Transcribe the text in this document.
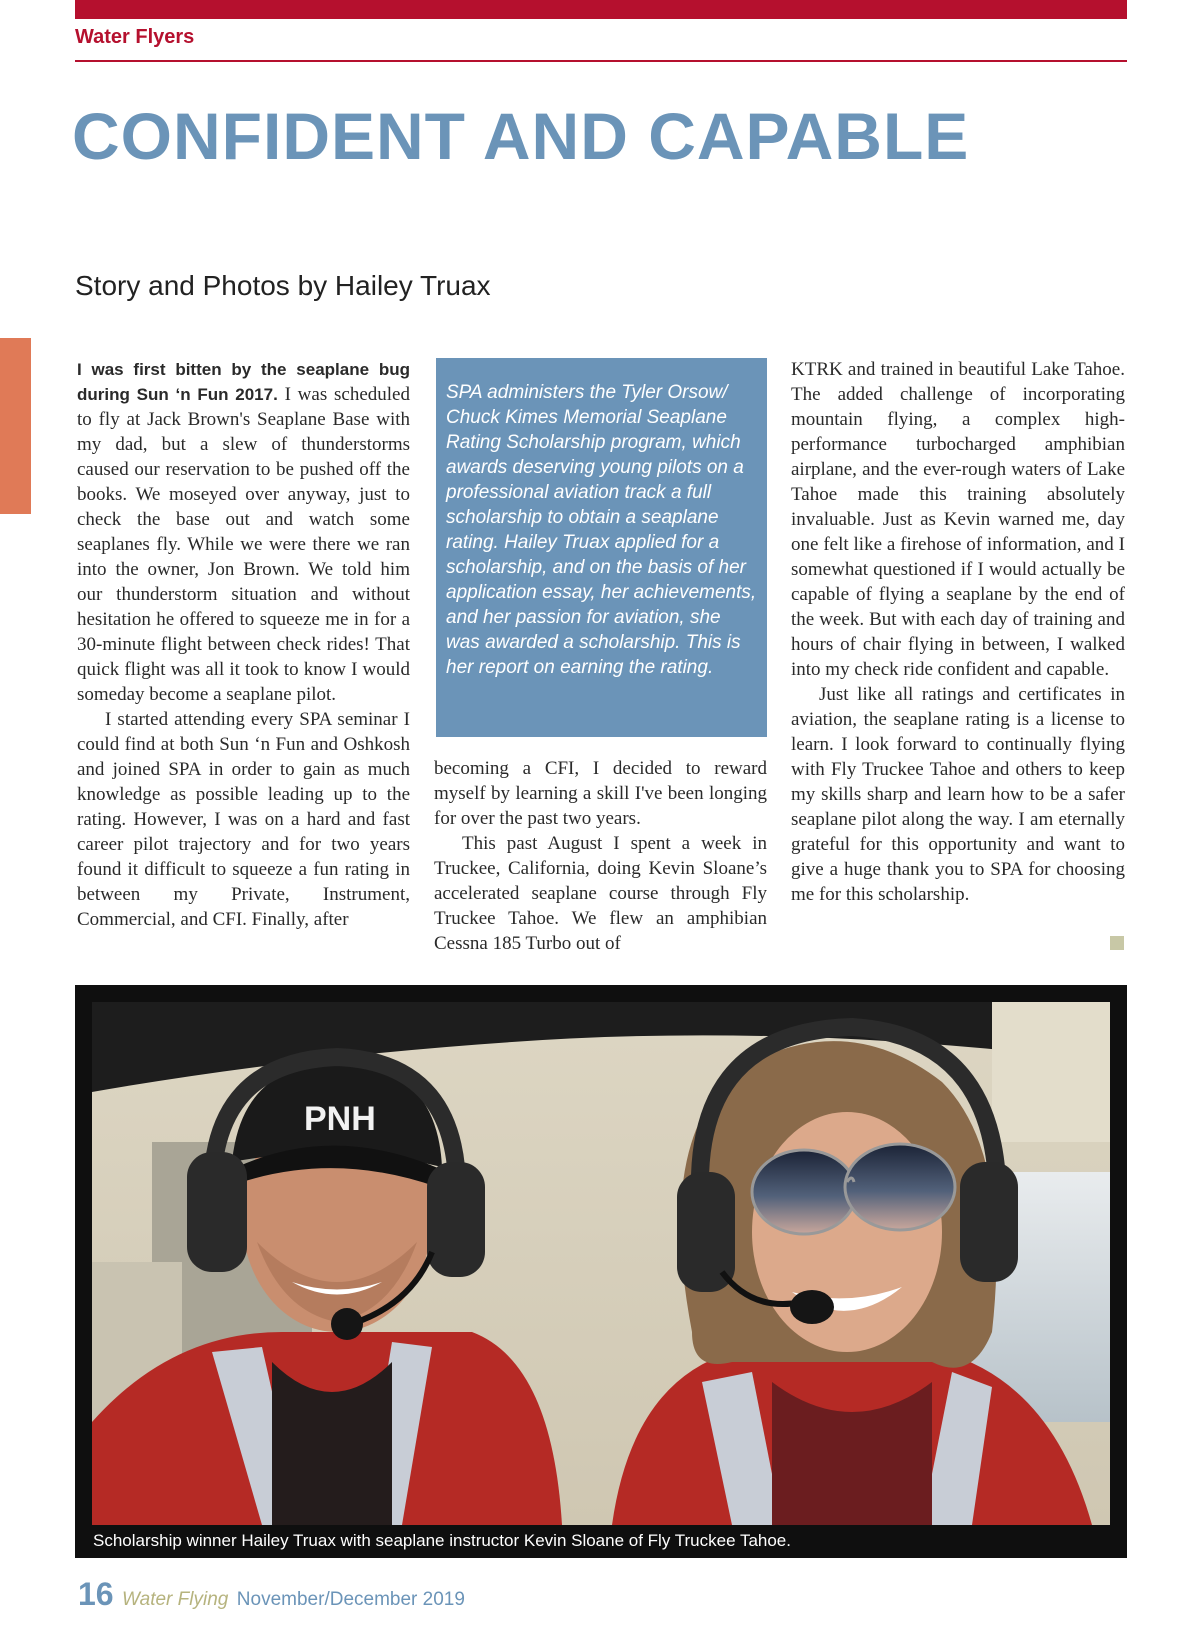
Water Flyers
CONFIDENT AND CAPABLE
Story and Photos by Hailey Truax

I was first bitten by the seaplane bug during Sun ‘n Fun 2017. I was scheduled to fly at Jack Brown's Seaplane Base with my dad, but a slew of thunderstorms caused our reservation to be pushed off the books. We moseyed over anyway, just to check the base out and watch some seaplanes fly. While we were there we ran into the owner, Jon Brown. We told him our thunderstorm situation and without hesitation he offered to squeeze me in for a 30-minute flight between check rides! That quick flight was all it took to know I would someday become a seaplane pilot.

I started attending every SPA seminar I could find at both Sun ‘n Fun and Oshkosh and joined SPA in order to gain as much knowledge as possible leading up to the rating. However, I was on a hard and fast career pilot trajectory and for two years found it difficult to squeeze a fun rating in between my Private, Instrument, Commercial, and CFI. Finally, after

SPA administers the Tyler Orsow/ Chuck Kimes Memorial Seaplane Rating Scholarship program, which awards deserving young pilots on a professional aviation track a full scholarship to obtain a seaplane rating. Hailey Truax applied for a scholarship, and on the basis of her application essay, her achievements, and her passion for aviation, she was awarded a scholarship. This is her report on earning the rating.

becoming a CFI, I decided to reward myself by learning a skill I've been longing for over the past two years.

This past August I spent a week in Truckee, California, doing Kevin Sloane’s accelerated seaplane course through Fly Truckee Tahoe. We flew an amphibian Cessna 185 Turbo out of

KTRK and trained in beautiful Lake Tahoe. The added challenge of incorporating mountain flying, a complex high-performance turbocharged amphibian airplane, and the ever-rough waters of Lake Tahoe made this training absolutely invaluable. Just as Kevin warned me, day one felt like a firehose of information, and I somewhat questioned if I would actually be capable of flying a seaplane by the end of the week. But with each day of training and hours of chair flying in between, I walked into my check ride confident and capable.

Just like all ratings and certificates in aviation, the seaplane rating is a license to learn. I look forward to continually flying with Fly Truckee Tahoe and others to keep my skills sharp and learn how to be a safer seaplane pilot along the way. I am eternally grateful for this opportunity and want to give a huge thank you to SPA for choosing me for this scholarship.

PNH
Scholarship winner Hailey Truax with seaplane instructor Kevin Sloane of Fly Truckee Tahoe.
16 Water Flying November/December 2019
